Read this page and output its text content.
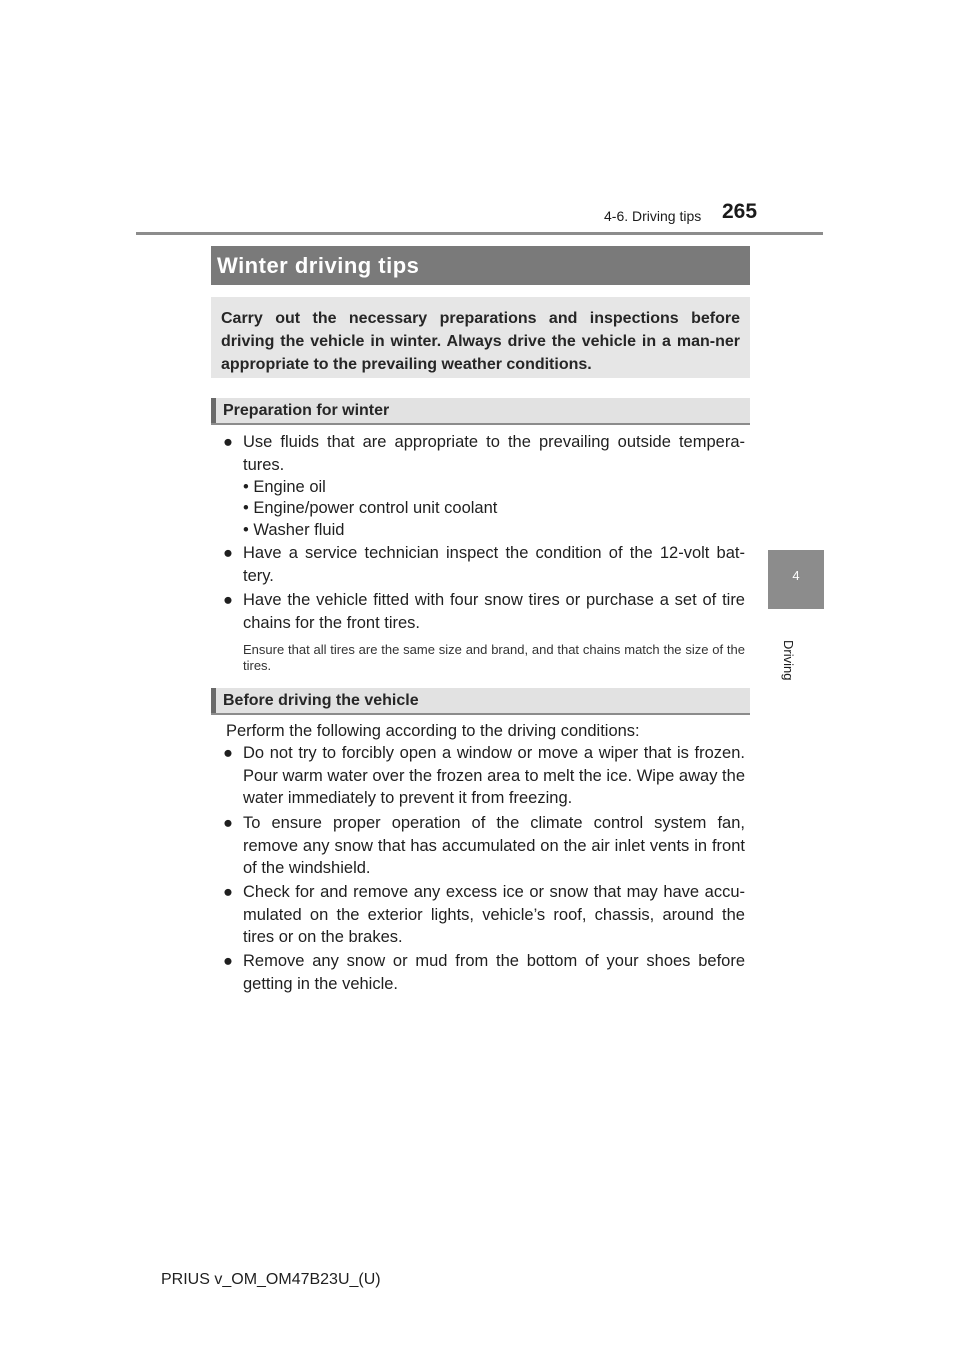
4-6. Driving tips 265
4
Driving
Winter driving tips
Carry out the necessary preparations and inspections before driving the vehicle in winter. Always drive the vehicle in a man-ner appropriate to the prevailing weather conditions.
Preparation for winter
● Use fluids that are appropriate to the prevailing outside tempera-tures.
• Engine oil
• Engine/power control unit coolant
• Washer fluid
● Have a service technician inspect the condition of the 12-volt bat-tery.
● Have the vehicle fitted with four snow tires or purchase a set of tire chains for the front tires.
Ensure that all tires are the same size and brand, and that chains match the size of the tires.
Before driving the vehicle
Perform the following according to the driving conditions:
● Do not try to forcibly open a window or move a wiper that is frozen. Pour warm water over the frozen area to melt the ice. Wipe away the water immediately to prevent it from freezing.
● To ensure proper operation of the climate control system fan, remove any snow that has accumulated on the air inlet vents in front of the windshield.
● Check for and remove any excess ice or snow that may have accu-mulated on the exterior lights, vehicle’s roof, chassis, around the tires or on the brakes.
● Remove any snow or mud from the bottom of your shoes before getting in the vehicle.
PRIUS v_OM_OM47B23U_(U)
